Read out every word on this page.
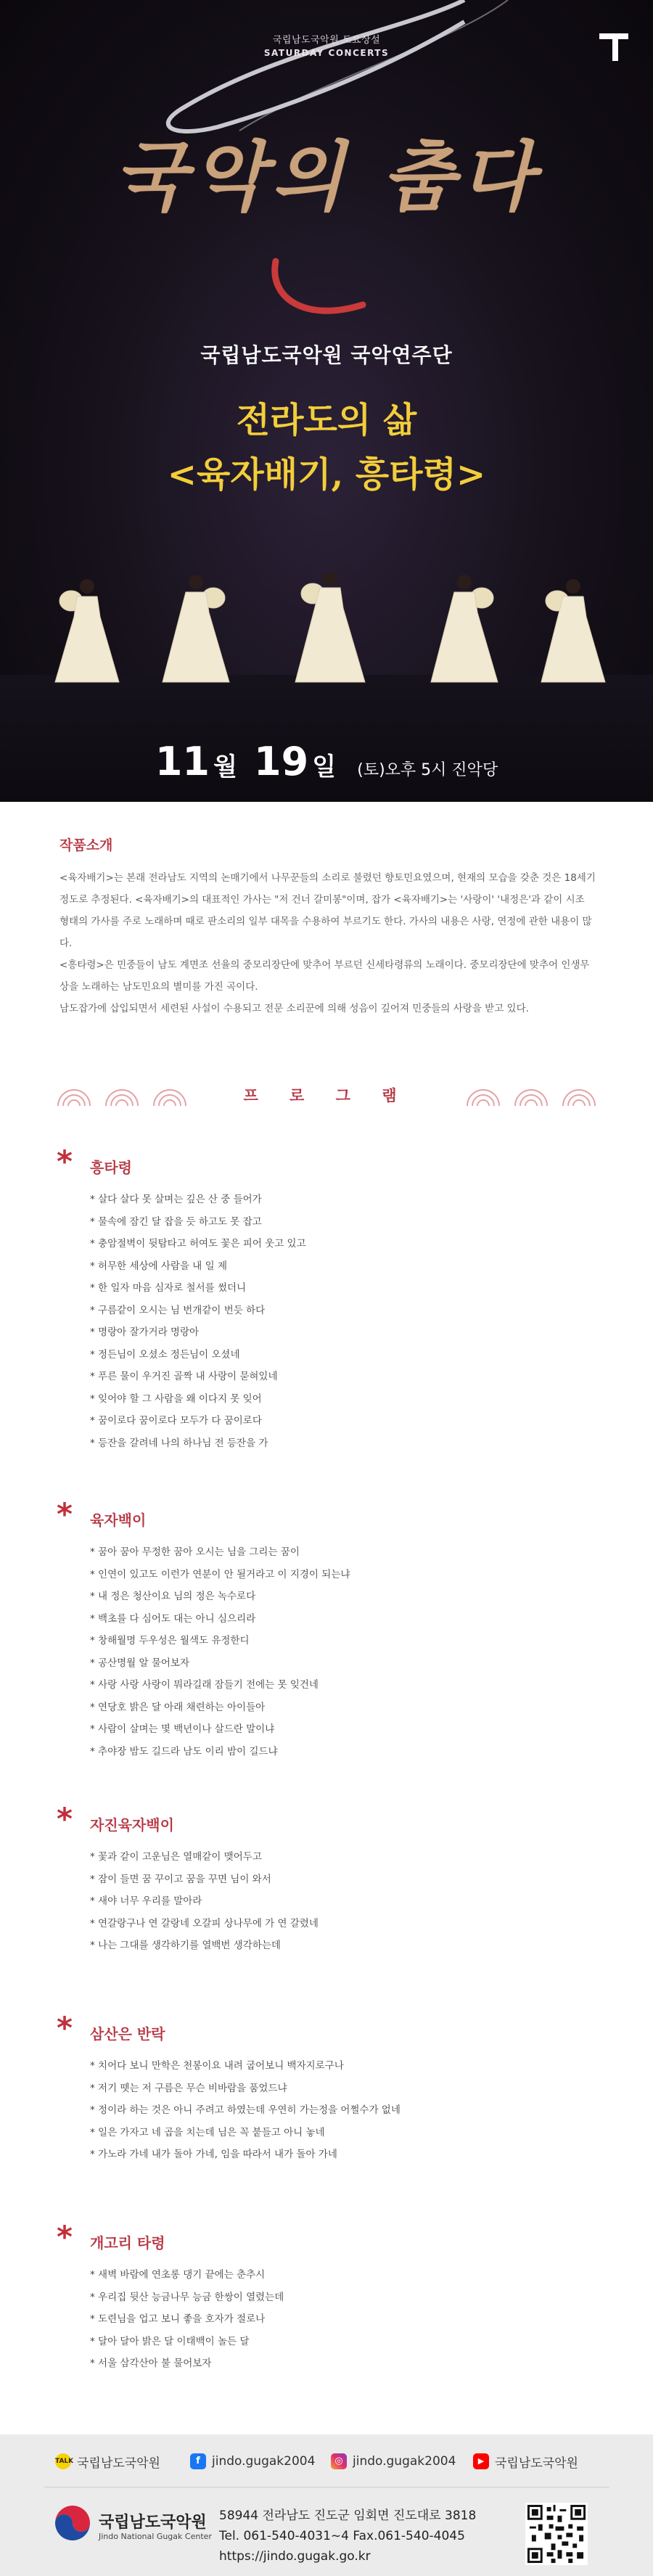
국립남도국악원 토요상설
SATURDAY CONCERTS
국악의 춤다
국립남도국악원 국악연주단
전라도의 삶
<육자배기, 흥타령>
11 월 19 일 (토)오후 5시 진악당
작품소개

<육자배기>는 본래 전라남도 지역의 논매기에서 나무꾼들의 소리로 불렸던 향토민요였으며, 현재의 모습을 갖춘 것은 18세기 정도로 추정된다. <육자배기>의 대표적인 가사는 "저 건너 갈미봉"이며, 잡가 <육자배기>는 '사랑이' '내정은'과 같이 시조 형태의 가사를 주로 노래하며 때로 판소리의 일부 대목을 수용하여 부르기도 한다. 가사의 내용은 사랑, 연정에 관한 내용이 많다.

<흥타령>은 민중들이 남도 계면조 선율의 중모리장단에 맞추어 부르던 신세타령류의 노래이다. 중모리장단에 맞추어 인생무상을 노래하는 남도민요의 별미를 가진 곡이다.

남도잡가에 삽입되면서 세련된 사설이 수용되고 전문 소리꾼에 의해 성음이 깊어져 민중들의 사랑을 받고 있다.

프 로 그 램
* 흥타령
* 살다 살다 못 살며는 깊은 산 중 들어가
* 물속에 잠긴 달 잡을 듯 하고도 못 잡고
* 충암절벽이 뒷탐타고 허여도 꽃은 피어 웃고 있고
* 허무한 세상에 사람을 내 일 제
* 한 일자 마음 심자로 철서를 썼더니
* 구름같이 오시는 님 번개같이 번듯 하다
* 명랑아 잘가거라 명랑아
* 정든님이 오셨소 정든님이 오셨네
* 푸른 물이 우거진 골짝 내 사랑이 묻혀있네
* 잊어야 할 그 사람을 왜 이다지 못 잊어
* 꿈이로다 꿈이로다 모두가 다 꿈이로다
* 등잔을 갈려네 나의 하나님 전 등잔을 가
* 육자백이
* 꿈아 꿈아 무정한 꿈아 오시는 님을 그리는 꿈이
* 인연이 있고도 이런가 연분이 안 될거라고 이 지경이 되는냐
* 내 정은 청산이요 님의 정은 녹수로다
* 백초를 다 심어도 대는 아니 심으리라
* 창해월명 두우성은 월색도 유정한디
* 공산명월 알 물어보자
* 사랑 사랑 사랑이 뭐라길래 잠들기 전에는 못 잊건네
* 연당호 밝은 달 아래 채련하는 아이들아
* 사람이 살며는 몇 백년이나 살드란 말이냐
* 추야장 밤도 길드라 남도 이리 밤이 길드냐
* 자진육자백이
* 꽃과 같이 고운님은 열매같이 맺어두고
* 잠이 들면 꿈 꾸이고 꿈을 꾸면 님이 와서
* 새야 너무 우리를 말아라
* 연갈랑구나 연 갈랑네 오갈피 상나무에 가 연 갈렸네
* 나는 그대를 생각하기를 열백번 생각하는데
* 삼산은 반락
* 치어다 보니 만학은 천봉이요 내려 굽어보니 백자지로구나
* 저기 뗏는 저 구름은 무슨 비바람을 품었드냐
* 정이라 하는 것은 아니 주려고 하였는데 우연히 가는정을 어쩔수가 없네
* 일은 가자고 네 곱을 치는데 님은 꼭 붙들고 아니 놓네
* 가노라 가네 내가 돌아 가네, 임을 따라서 내가 돌아 가네
* 개고리 타령
* 새벽 바람에 연초롱 댕기 끝에는 춘추시
* 우리집 뒷산 능금나무 능금 한쌍이 열렸는데
* 도련님을 업고 보니 좋을 호자가 절로나
* 달아 달아 밝은 달 이태백이 놀든 달
* 서울 삼각산아 불 물어보자
TALK 국립남도국악원	f jindo.gugak2004	◎ jindo.gugak2004	▶ 국립남도국악원
국립남도국악원
Jindo National Gugak Center
58944 전라남도 진도군 임회면 진도대로 3818
Tel. 061-540-4031~4 Fax.061-540-4045
https://jindo.gugak.go.kr
